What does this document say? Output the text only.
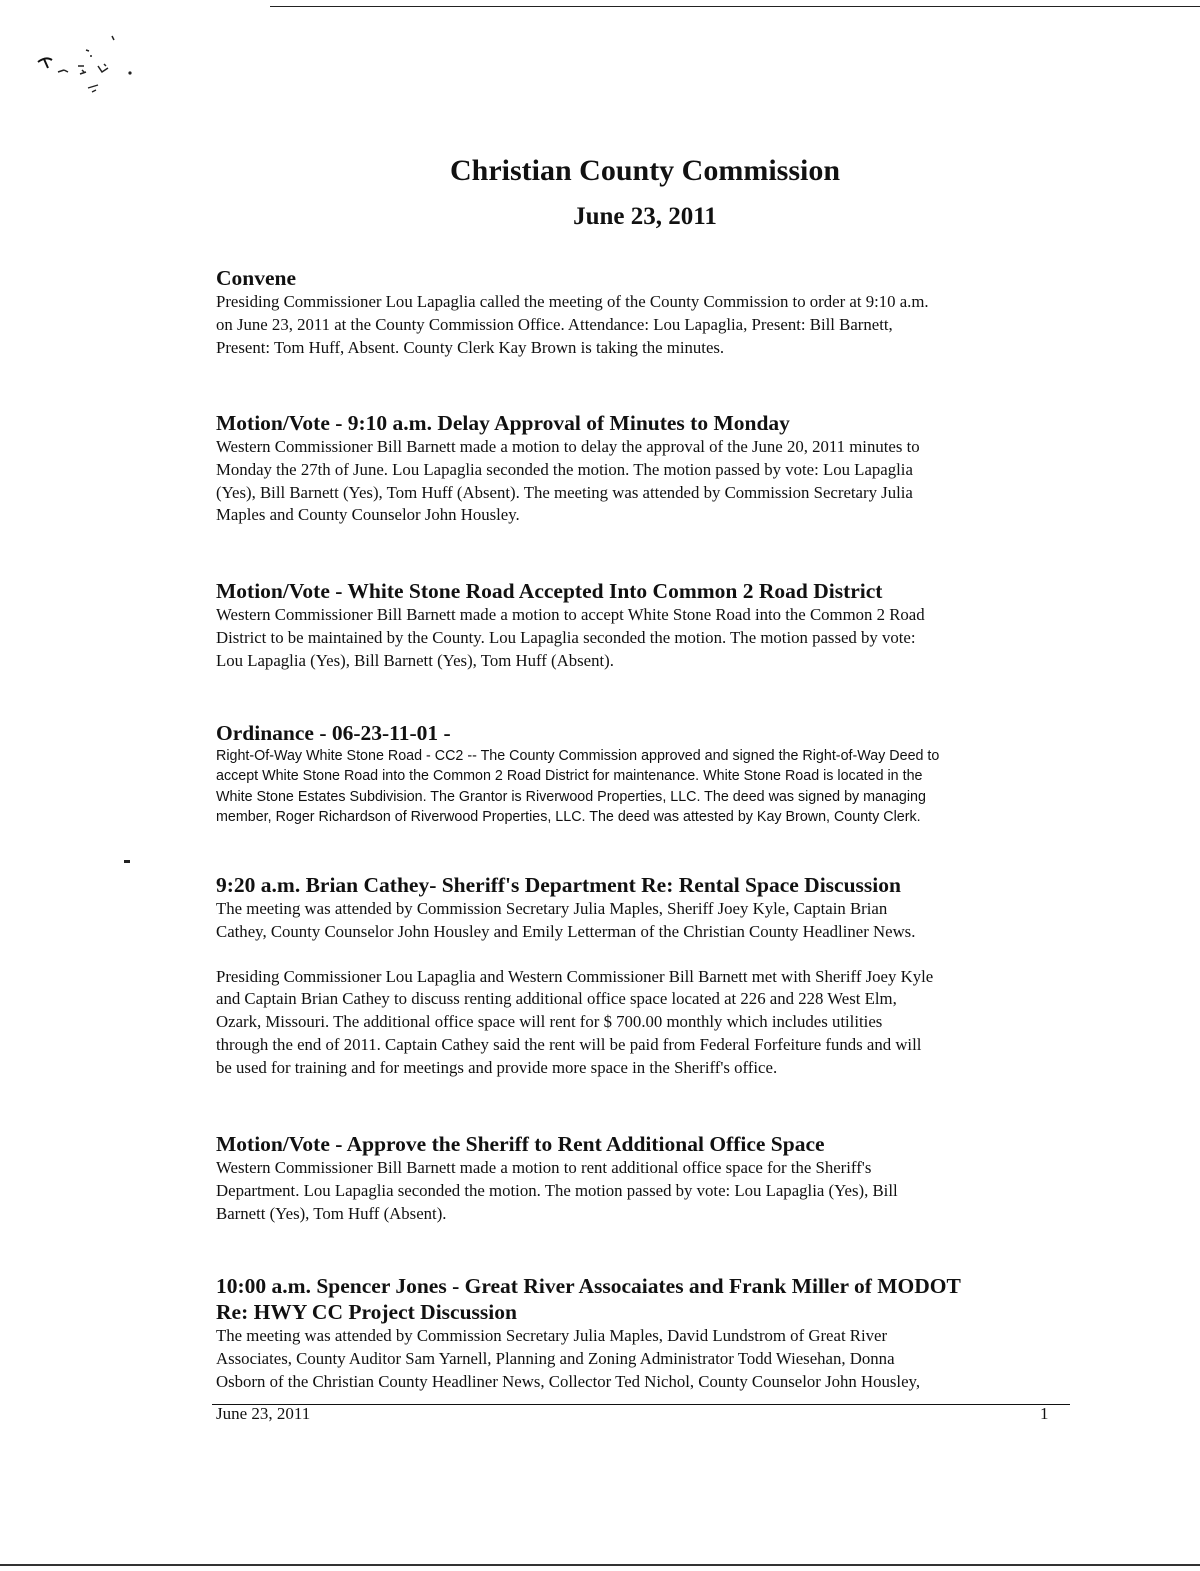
Christian County Commission
June 23, 2011
Convene

Presiding Commissioner Lou Lapaglia called the meeting of the County Commission to order at 9:10 a.m.
on June 23, 2011 at the County Commission Office. Attendance: Lou Lapaglia, Present: Bill Barnett,
Present: Tom Huff, Absent. County Clerk Kay Brown is taking the minutes.

Motion/Vote - 9:10 a.m. Delay Approval of Minutes to Monday

Western Commissioner Bill Barnett made a motion to delay the approval of the June 20, 2011 minutes to
Monday the 27th of June. Lou Lapaglia seconded the motion. The motion passed by vote: Lou Lapaglia
(Yes), Bill Barnett (Yes), Tom Huff (Absent). The meeting was attended by Commission Secretary Julia
Maples and County Counselor John Housley.

Motion/Vote - White Stone Road Accepted Into Common 2 Road District

Western Commissioner Bill Barnett made a motion to accept White Stone Road into the Common 2 Road
District to be maintained by the County. Lou Lapaglia seconded the motion. The motion passed by vote:
Lou Lapaglia (Yes), Bill Barnett (Yes), Tom Huff (Absent).

Ordinance - 06-23-11-01 -

Right-Of-Way White Stone Road - CC2 -- The County Commission approved and signed the Right-of-Way Deed to
accept White Stone Road into the Common 2 Road District for maintenance. White Stone Road is located in the
White Stone Estates Subdivision. The Grantor is Riverwood Properties, LLC. The deed was signed by managing
member, Roger Richardson of Riverwood Properties, LLC. The deed was attested by Kay Brown, County Clerk.

9:20 a.m. Brian Cathey- Sheriff's Department Re: Rental Space Discussion

The meeting was attended by Commission Secretary Julia Maples, Sheriff Joey Kyle, Captain Brian
Cathey, County Counselor John Housley and Emily Letterman of the Christian County Headliner News.

Presiding Commissioner Lou Lapaglia and Western Commissioner Bill Barnett met with Sheriff Joey Kyle
and Captain Brian Cathey to discuss renting additional office space located at 226 and 228 West Elm,
Ozark, Missouri. The additional office space will rent for $ 700.00 monthly which includes utilities
through the end of 2011. Captain Cathey said the rent will be paid from Federal Forfeiture funds and will
be used for training and for meetings and provide more space in the Sheriff's office.

Motion/Vote - Approve the Sheriff to Rent Additional Office Space

Western Commissioner Bill Barnett made a motion to rent additional office space for the Sheriff's
Department. Lou Lapaglia seconded the motion. The motion passed by vote: Lou Lapaglia (Yes), Bill
Barnett (Yes), Tom Huff (Absent).

10:00 a.m. Spencer Jones - Great River Assocaiates and Frank Miller of MODOT
Re: HWY CC Project Discussion

The meeting was attended by Commission Secretary Julia Maples, David Lundstrom of Great River
Associates, County Auditor Sam Yarnell, Planning and Zoning Administrator Todd Wiesehan, Donna
Osborn of the Christian County Headliner News, Collector Ted Nichol, County Counselor John Housley,

June 23, 2011	1
